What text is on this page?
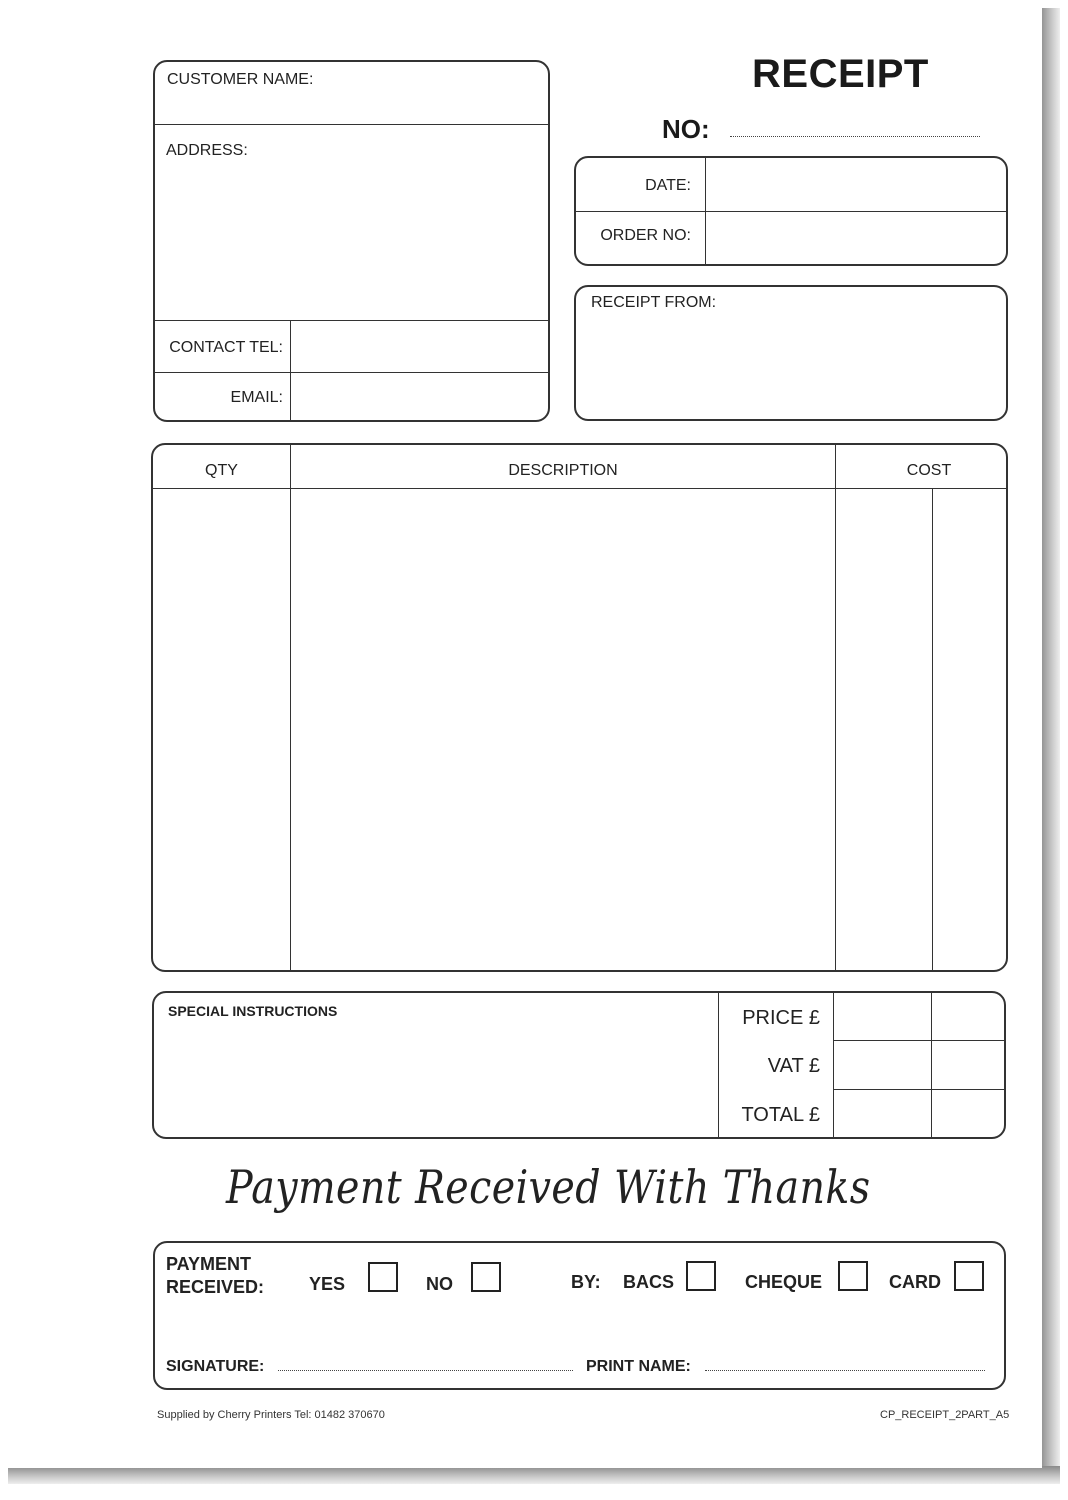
RECEIPT
NO:
CUSTOMER NAME:
ADDRESS:
CONTACT TEL:
EMAIL:
DATE:
ORDER NO:
RECEIPT FROM:
QTY	DESCRIPTION	COST
SPECIAL INSTRUCTIONS	PRICE £
VAT £
TOTAL £
Payment Received With Thanks
PAYMENT
RECEIVED: YES	NO	BY: BACS	CHEQUE	CARD
SIGNATURE:	PRINT NAME:
Supplied by Cherry Printers Tel: 01482 370670	CP_RECEIPT_2PART_A5
